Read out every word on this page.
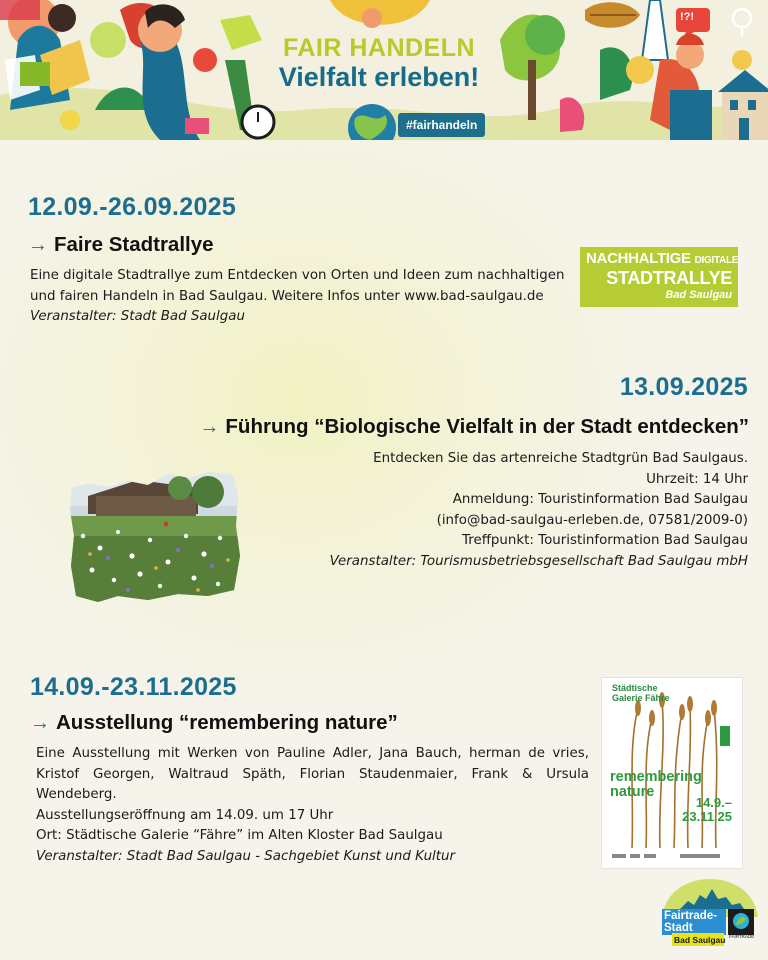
FAIR HANDELN
Vielfalt erleben!
#fairhandeln
!?!
12.09.-26.09.2025
→ Faire Stadtrallye

Eine digitale Stadtrallye zum Entdecken von Orten und Ideen zum nachhaltigen

und fairen Handeln in Bad Saulgau. Weitere Infos unter www.bad-saulgau.de

Veranstalter: Stadt Bad Saulgau

NACHHALTIGE DIGITALE
STADTRALLYE
Bad Saulgau
13.09.2025
→ Führung “Biologische Vielfalt in der Stadt entdecken”

Entdecken Sie das artenreiche Stadtgrün Bad Saulgaus.

Uhrzeit: 14 Uhr

Anmeldung: Touristinformation Bad Saulgau

(info@bad-saulgau-erleben.de, 07581/2009-0)

Treffpunkt: Touristinformation Bad Saulgau

Veranstalter: Tourismusbetriebsgesellschaft Bad Saulgau mbH

14.09.-23.11.2025
→ Ausstellung “remembering nature”

Eine Ausstellung mit Werken von Pauline Adler, Jana Bauch, herman de vries, Kristof Georgen, Waltraud Späth, Florian Staudenmaier, Frank & Ursula Wendeberg.

Ausstellungseröffnung am 14.09. um 17 Uhr

Ort: Städtische Galerie “Fähre” im Alten Kloster Bad Saulgau

Veranstalter: Stadt Bad Saulgau - Sachgebiet Kunst und Kultur

Städtische
Galerie Fähre
remembering
nature
14.9.–
23.11.25
Fairtrade-
Stadt
Bad Saulgau FAIRTRADE
